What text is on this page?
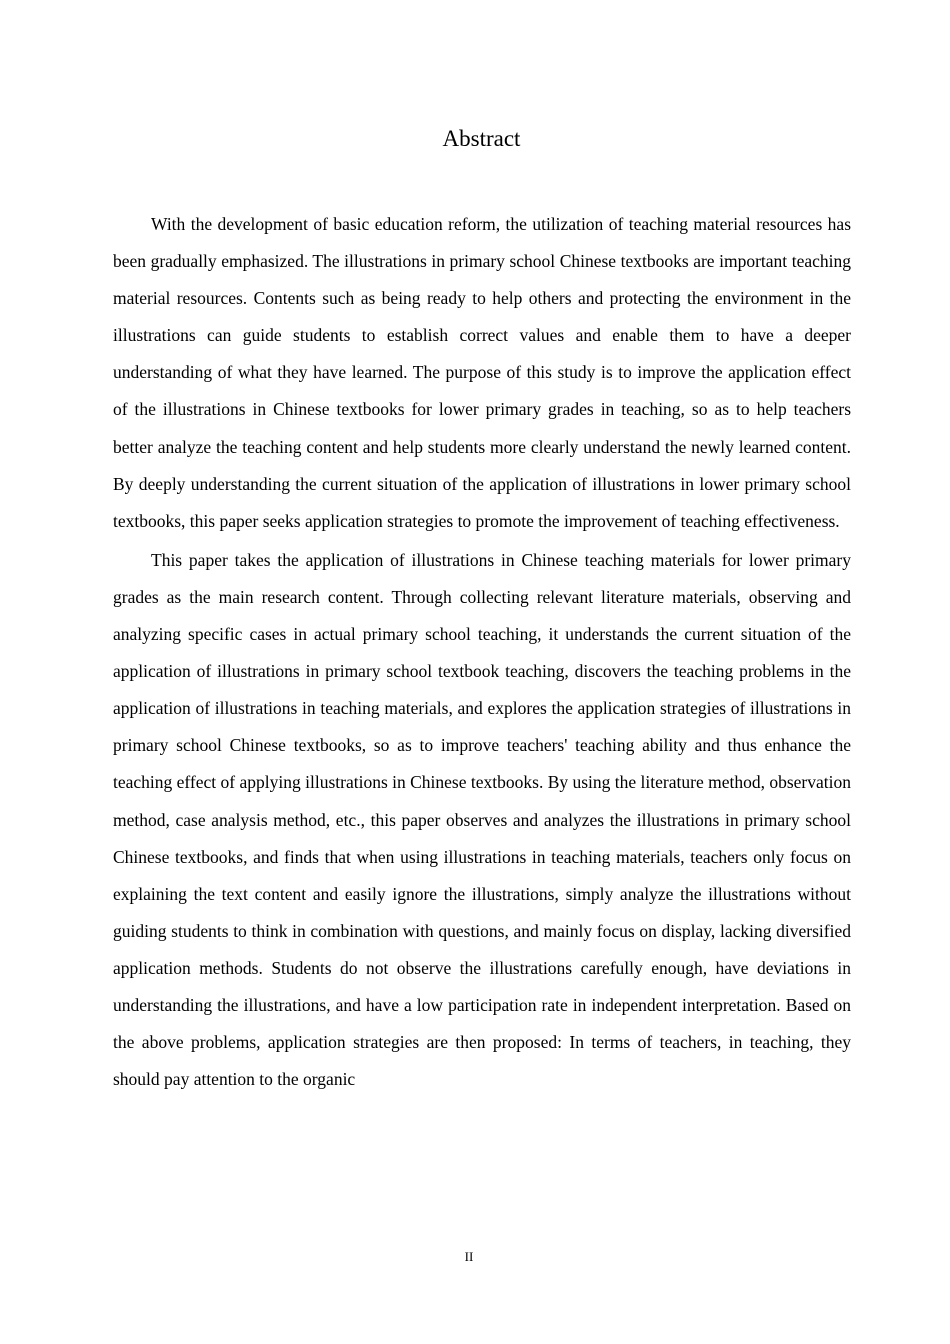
Abstract

With the development of basic education reform, the utilization of teaching material resources has been gradually emphasized. The illustrations in primary school Chinese textbooks are important teaching material resources. Contents such as being ready to help others and protecting the environment in the illustrations can guide students to establish correct values and enable them to have a deeper understanding of what they have learned. The purpose of this study is to improve the application effect of the illustrations in Chinese textbooks for lower primary grades in teaching, so as to help teachers better analyze the teaching content and help students more clearly understand the newly learned content. By deeply understanding the current situation of the application of illustrations in lower primary school textbooks, this paper seeks application strategies to promote the improvement of teaching effectiveness.

This paper takes the application of illustrations in Chinese teaching materials for lower primary grades as the main research content. Through collecting relevant literature materials, observing and analyzing specific cases in actual primary school teaching, it understands the current situation of the application of illustrations in primary school textbook teaching, discovers the teaching problems in the application of illustrations in teaching materials, and explores the application strategies of illustrations in primary school Chinese textbooks, so as to improve teachers' teaching ability and thus enhance the teaching effect of applying illustrations in Chinese textbooks. By using the literature method, observation method, case analysis method, etc., this paper observes and analyzes the illustrations in primary school Chinese textbooks, and finds that when using illustrations in teaching materials, teachers only focus on explaining the text content and easily ignore the illustrations, simply analyze the illustrations without guiding students to think in combination with questions, and mainly focus on display, lacking diversified application methods. Students do not observe the illustrations carefully enough, have deviations in understanding the illustrations, and have a low participation rate in independent interpretation. Based on the above problems, application strategies are then proposed: In terms of teachers, in teaching, they should pay attention to the organic

II
